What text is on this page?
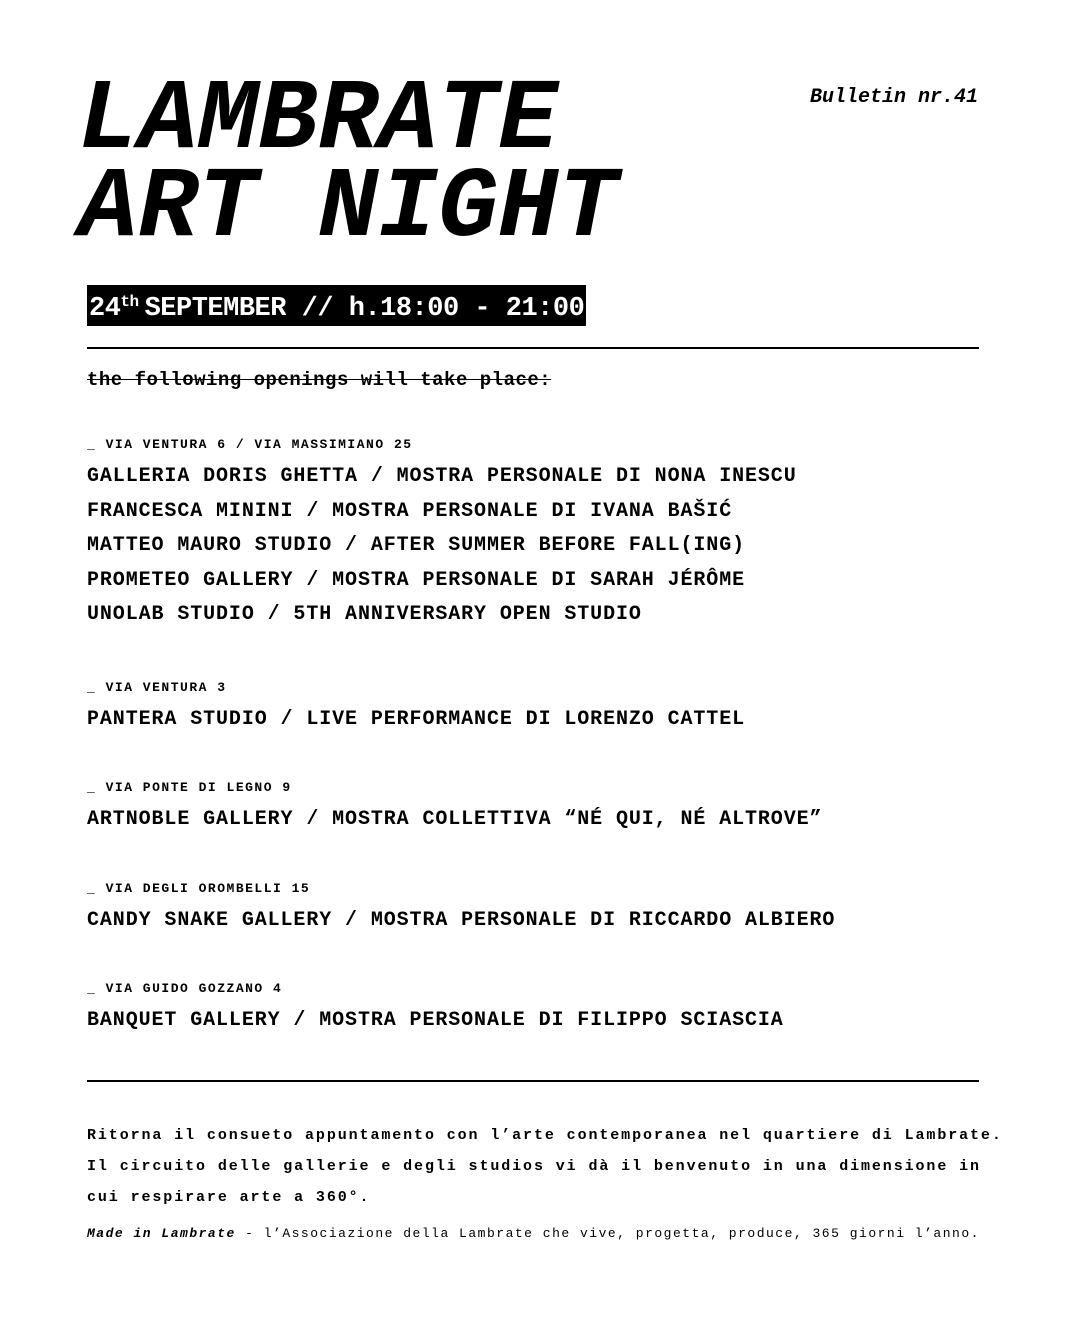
LAMBRATE
ART NIGHT
Bulletin nr.41
24th SEPTEMBER // h.18:00 - 21:00
the following openings will take place:
_ VIA VENTURA 6 / VIA MASSIMIANO 25
GALLERIA DORIS GHETTA / MOSTRA PERSONALE DI NONA INESCU
FRANCESCA MININI / MOSTRA PERSONALE DI IVANA BAŠIĆ
MATTEO MAURO STUDIO / AFTER SUMMER BEFORE FALL(ING)
PROMETEO GALLERY / MOSTRA PERSONALE DI SARAH JÉRÔME
UNOLAB STUDIO / 5TH ANNIVERSARY OPEN STUDIO
_ VIA VENTURA 3
PANTERA STUDIO / LIVE PERFORMANCE DI LORENZO CATTEL
_ VIA PONTE DI LEGNO 9
ARTNOBLE GALLERY / MOSTRA COLLETTIVA “NÉ QUI, NÉ ALTROVE”
_ VIA DEGLI OROMBELLI 15
CANDY SNAKE GALLERY / MOSTRA PERSONALE DI RICCARDO ALBIERO
_ VIA GUIDO GOZZANO 4
BANQUET GALLERY / MOSTRA PERSONALE DI FILIPPO SCIASCIA
Ritorna il consueto appuntamento con l’arte contemporanea nel quartiere di Lambrate.
Il circuito delle gallerie e degli studios vi dà il benvenuto in una dimensione in
cui respirare arte a 360°.
Made in Lambrate - l’Associazione della Lambrate che vive, progetta, produce, 365 giorni l’anno.
